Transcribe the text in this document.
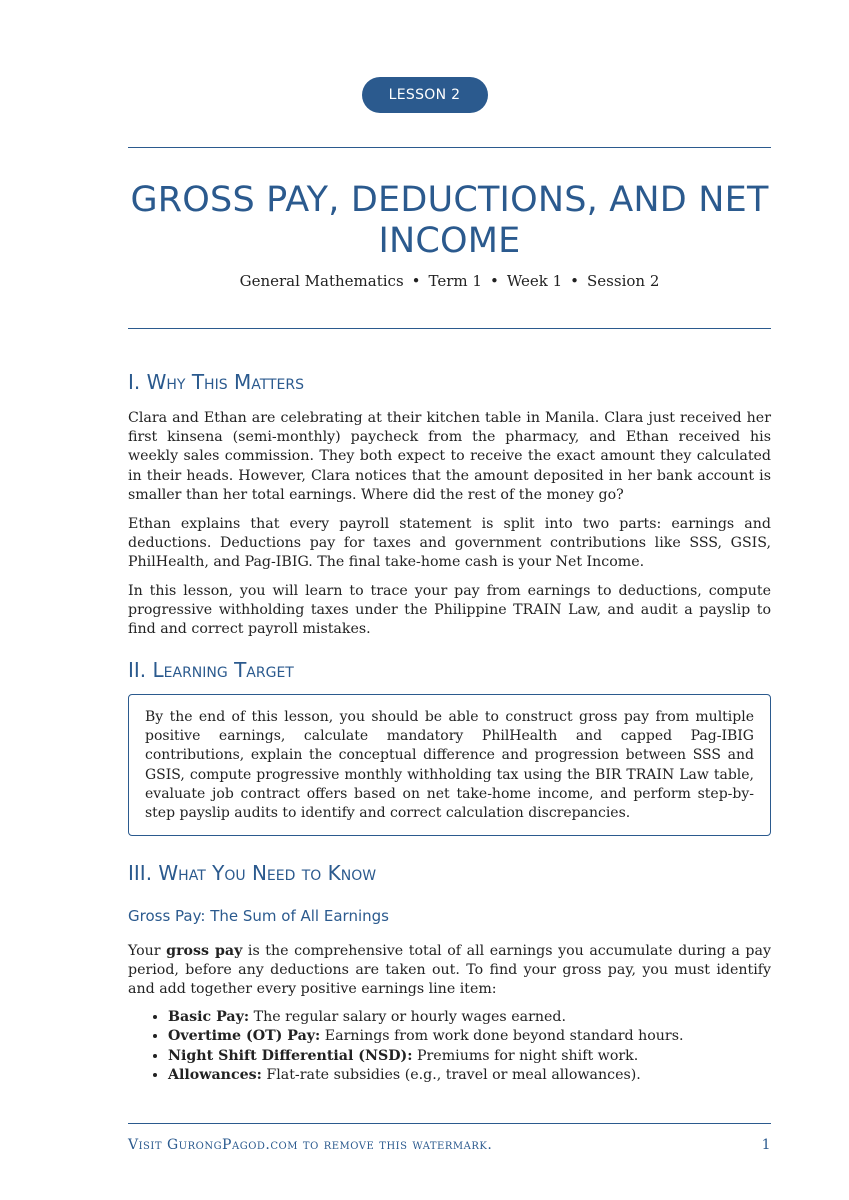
LESSON 2
GROSS PAY, DEDUCTIONS, AND NET INCOME
General Mathematics • Term 1 • Week 1 • Session 2
I. Why This Matters

Clara and Ethan are celebrating at their kitchen table in Manila. Clara just received her first kinsena (semi-monthly) paycheck from the pharmacy, and Ethan received his weekly sales commission. They both expect to receive the exact amount they calculated in their heads. However, Clara notices that the amount deposited in her bank account is smaller than her total earnings. Where did the rest of the money go?

Ethan explains that every payroll statement is split into two parts: earnings and deductions. Deductions pay for taxes and government contributions like SSS, GSIS, PhilHealth, and Pag-IBIG. The final take-home cash is your Net Income.

In this lesson, you will learn to trace your pay from earnings to deductions, compute progressive withholding taxes under the Philippine TRAIN Law, and audit a payslip to find and correct payroll mistakes.

II. Learning Target

By the end of this lesson, you should be able to construct gross pay from multiple positive earnings, calculate mandatory PhilHealth and capped Pag-IBIG contributions, explain the conceptual difference and progression between SSS and GSIS, compute progressive monthly withholding tax using the BIR TRAIN Law table, evaluate job contract offers based on net take-home income, and perform step-by-step payslip audits to identify and correct calculation discrepancies.

III. What You Need to Know
Gross Pay: The Sum of All Earnings

Your gross pay is the comprehensive total of all earnings you accumulate during a pay period, before any deductions are taken out. To find your gross pay, you must identify and add together every positive earnings line item:

• Basic Pay: The regular salary or hourly wages earned.
• Overtime (OT) Pay: Earnings from work done beyond standard hours.
• Night Shift Differential (NSD): Premiums for night shift work.
• Allowances: Flat-rate subsidies (e.g., travel or meal allowances).
Visit GurongPagod.com to remove this watermark.	1
